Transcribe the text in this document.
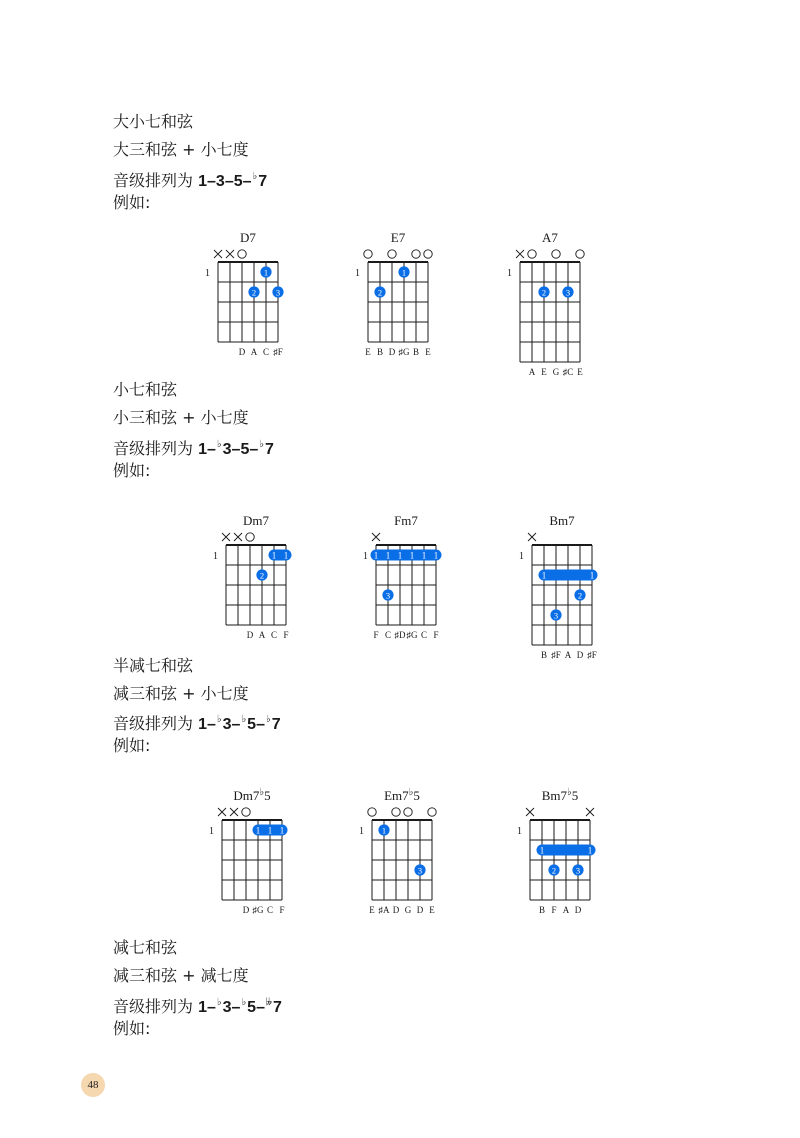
大小七和弦
大三和弦 + 小七度
音级排列为 1–3–5–♭7
例如:
D7
1	1
2 3
D A C ♯F
E7
1	1
2
E B D ♯G B E
A7
1
2 3
A E G ♯C E
小七和弦
小三和弦 + 小七度
音级排列为 1–♭3–5–♭7
例如:
Dm7
1	1 1
2
D A C F
Fm7
1 1 1 1 1 1 1
3
F C ♯D ♯G C F
Bm7
1
1	1
2
3
B ♯F A D ♯F
半减七和弦
减三和弦 + 小七度
音级排列为 1–♭3–♭5–♭7
例如:
Dm7♭5
1	1 1 1
D ♯G C F
Em7♭5
1 1
3
E ♯A D G D E
Bm7♭5
1
1	1
2 3
B F A D
减七和弦
减三和弦 + 减七度
音级排列为 1–♭3–♭5–𝄫7
例如:
48
